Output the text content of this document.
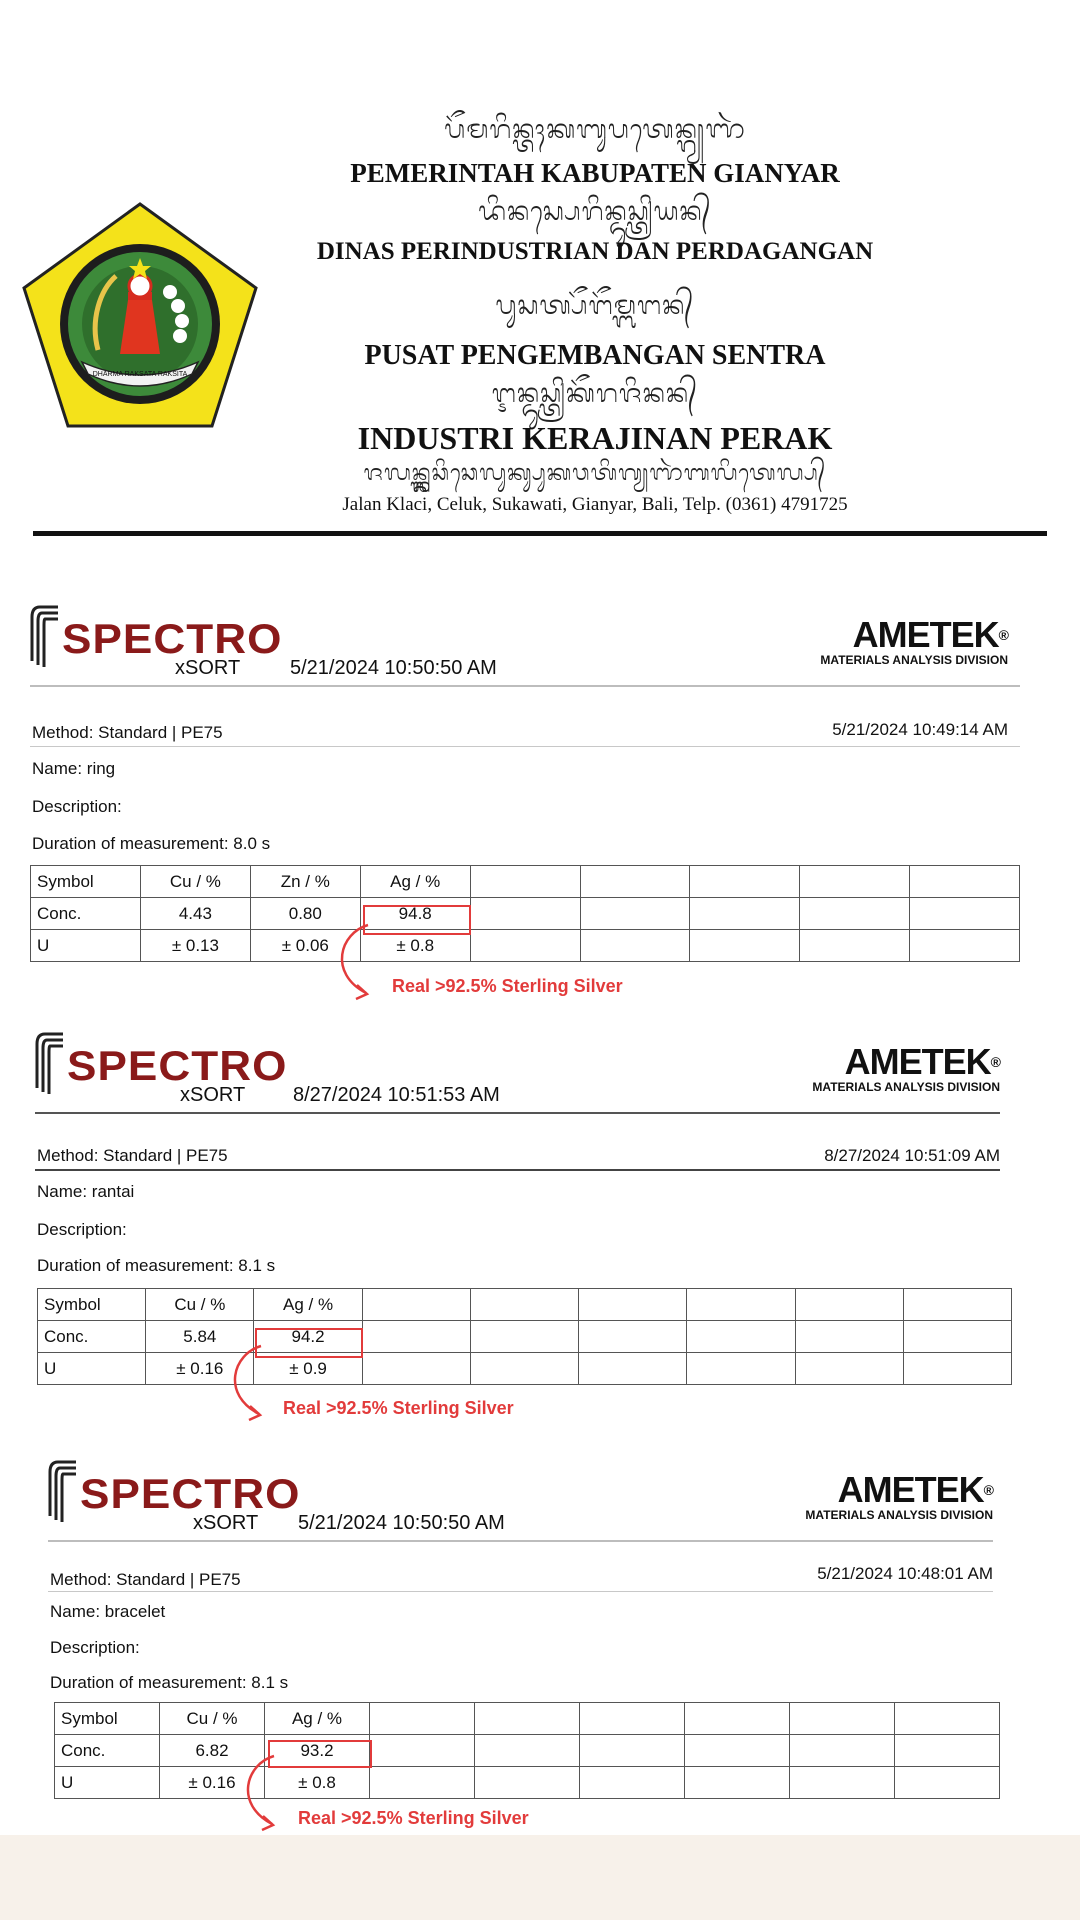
DHARMA RAKSATA RAKSITA
ᬧᭂᬫᬭᬶᬦ᭄ᬢᬄᬓᬩᬸᬧᬢᬾᬦ᭄ᬕ᭄ᬬᬜᬃ
PEMERINTAH KABUPATEN GIANYAR
ᬤᬶᬦᬲ᭄ᬧᬾᬭᬶᬦ᭄ᬤᬸᬲ᭄ᬢ᭄ᬭᬶᬬᬦ᭄
DINAS PERINDUSTRIAN DAN PERDAGANGAN
ᬧᬸᬲᬢ᭄ᬧᭂᬗᭂᬫ᭄ᬩᬗᬦ᭄
PUSAT PENGEMBANGAN SENTRA
ᬇᬦ᭄ᬤᬸᬲ᭄ᬢ᭄ᬭᬶᬓᭂᬭᬚᬶᬦᬦ᭄
INDUSTRI KERAJINAN PERAK
ᬚᬮᬦ᭄ᬓ᭄ᬮᬘᬶᬘᬾᬮᬸᬓ᭄ᬲᬸᬓᬯᬢᬶᬕ᭄ᬬᬜᬃᬩᬮᬶᬢᬾᬮ᭄ᬧ᭄
Jalan Klaci, Celuk, Sukawati, Gianyar, Bali, Telp. (0361) 4791725
SPECTRO
xSORT 5/21/2024 10:50:50 AM
AMETEK®
MATERIALS ANALYSIS DIVISION
Method: Standard | PE75	5/21/2024 10:49:14 AM
Name: ring
Description:
Duration of measurement: 8.0 s
Symbol	Cu / %	Zn / %	Ag / %					
Conc.	4.43	0.80	94.8					
U	± 0.13	± 0.06	± 0.8					
Real >92.5% Sterling Silver
SPECTRO
xSORT 8/27/2024 10:51:53 AM
AMETEK®
MATERIALS ANALYSIS DIVISION
Method: Standard | PE75	8/27/2024 10:51:09 AM
Name: rantai
Description:
Duration of measurement: 8.1 s
Symbol	Cu / %	Ag / %						
Conc.	5.84	94.2						
U	± 0.16	± 0.9						
Real >92.5% Sterling Silver
SPECTRO
xSORT 5/21/2024 10:50:50 AM
AMETEK®
MATERIALS ANALYSIS DIVISION
Method: Standard | PE75	5/21/2024 10:48:01 AM
Name: bracelet
Description:
Duration of measurement: 8.1 s
Symbol	Cu / %	Ag / %						
Conc.	6.82	93.2						
U	± 0.16	± 0.8						
Real >92.5% Sterling Silver
